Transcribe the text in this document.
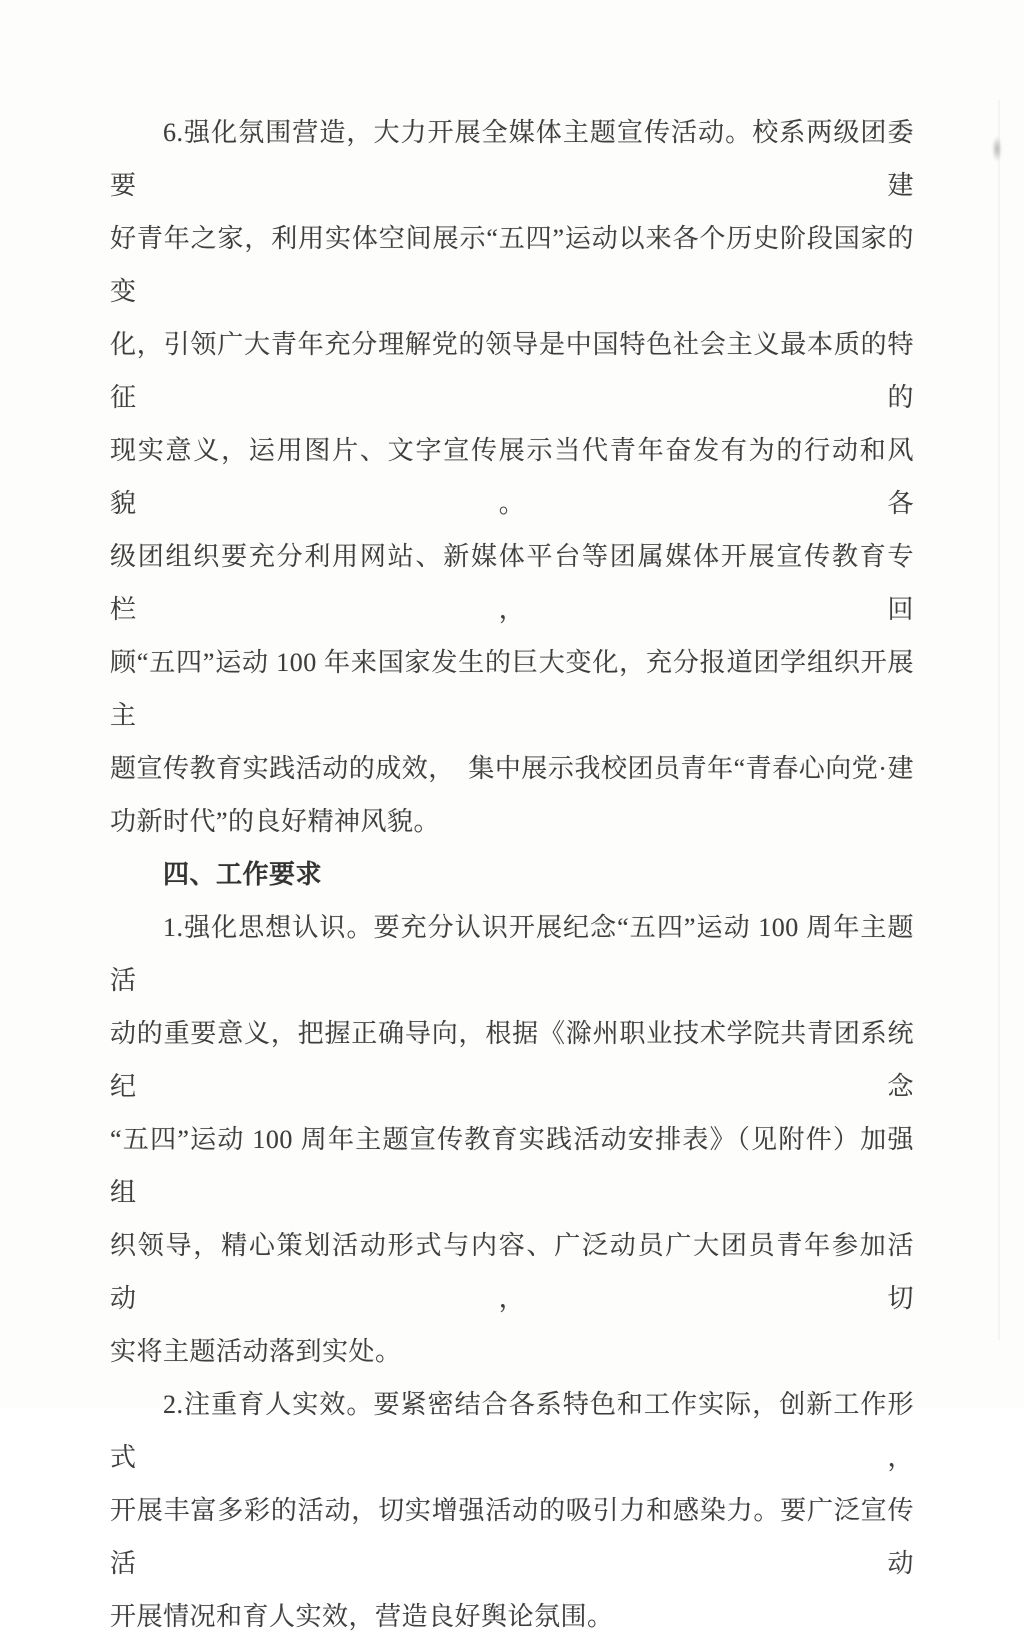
6.强化氛围营造，大力开展全媒体主题宣传活动。校系两级团委要建
好青年之家，利用实体空间展示“五四”运动以来各个历史阶段国家的变
化，引领广大青年充分理解党的领导是中国特色社会主义最本质的特征的
现实意义，运用图片、文字宣传展示当代青年奋发有为的行动和风貌。各
级团组织要充分利用网站、新媒体平台等团属媒体开展宣传教育专栏，回
顾“五四”运动 100 年来国家发生的巨大变化，充分报道团学组织开展主
题宣传教育实践活动的成效，　集中展示我校团员青年“青春心向党·建
功新时代”的良好精神风貌。
四、工作要求
1.强化思想认识。要充分认识开展纪念“五四”运动 100 周年主题活
动的重要意义，把握正确导向，根据《滁州职业技术学院共青团系统纪念
“五四”运动 100 周年主题宣传教育实践活动安排表》（见附件）加强组
织领导，精心策划活动形式与内容、广泛动员广大团员青年参加活动，切
实将主题活动落到实处。
2.注重育人实效。要紧密结合各系特色和工作实际，创新工作形式，
开展丰富多彩的活动，切实增强活动的吸引力和感染力。要广泛宣传活动
开展情况和育人实效，营造良好舆论氛围。
